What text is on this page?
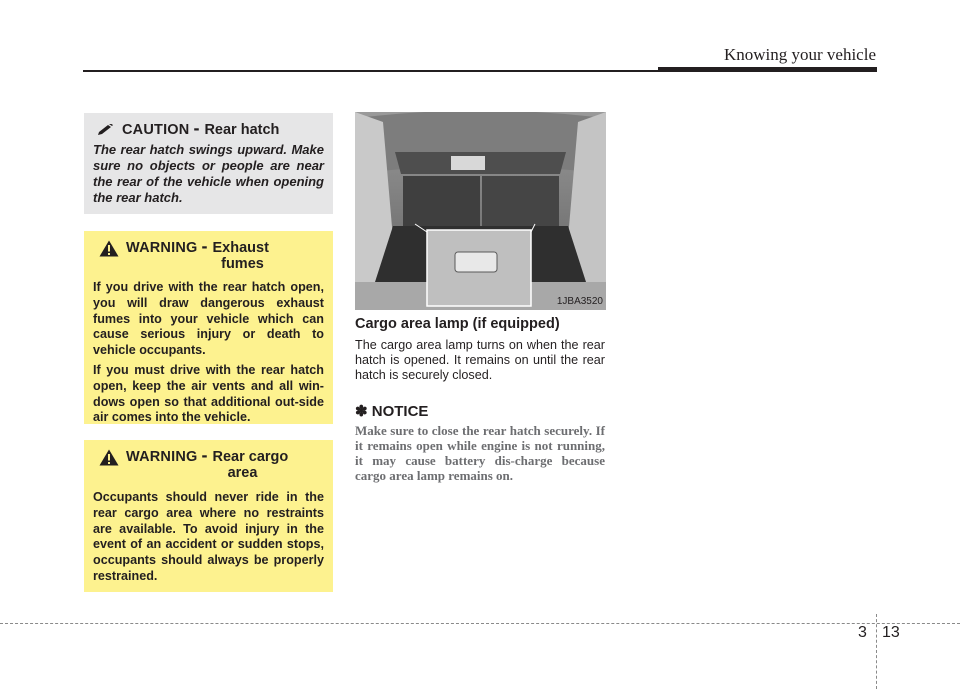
Knowing your vehicle
CAUTION - Rear hatch

The rear hatch swings upward. Make sure no objects or people are near the rear of the vehicle when opening the rear hatch.

WARNING - Exhaust
fumes

If you drive with the rear hatch open, you will draw dangerous exhaust fumes into your vehicle which can cause serious injury or death to vehicle occupants.

If you must drive with the rear hatch open, keep the air vents and all win-dows open so that additional out-side air comes into the vehicle.

WARNING - Rear cargo
area

Occupants should never ride in the rear cargo area where no restraints are available. To avoid injury in the event of an accident or sudden stops, occupants should always be properly restrained.

1JBA3520
Cargo area lamp (if equipped)
The cargo area lamp turns on when the rear hatch is opened. It remains on until the rear hatch is securely closed.
✽ NOTICE
Make sure to close the rear hatch securely. If it remains open while engine is not running, it may cause battery dis-charge because cargo area lamp remains on.
3 13
